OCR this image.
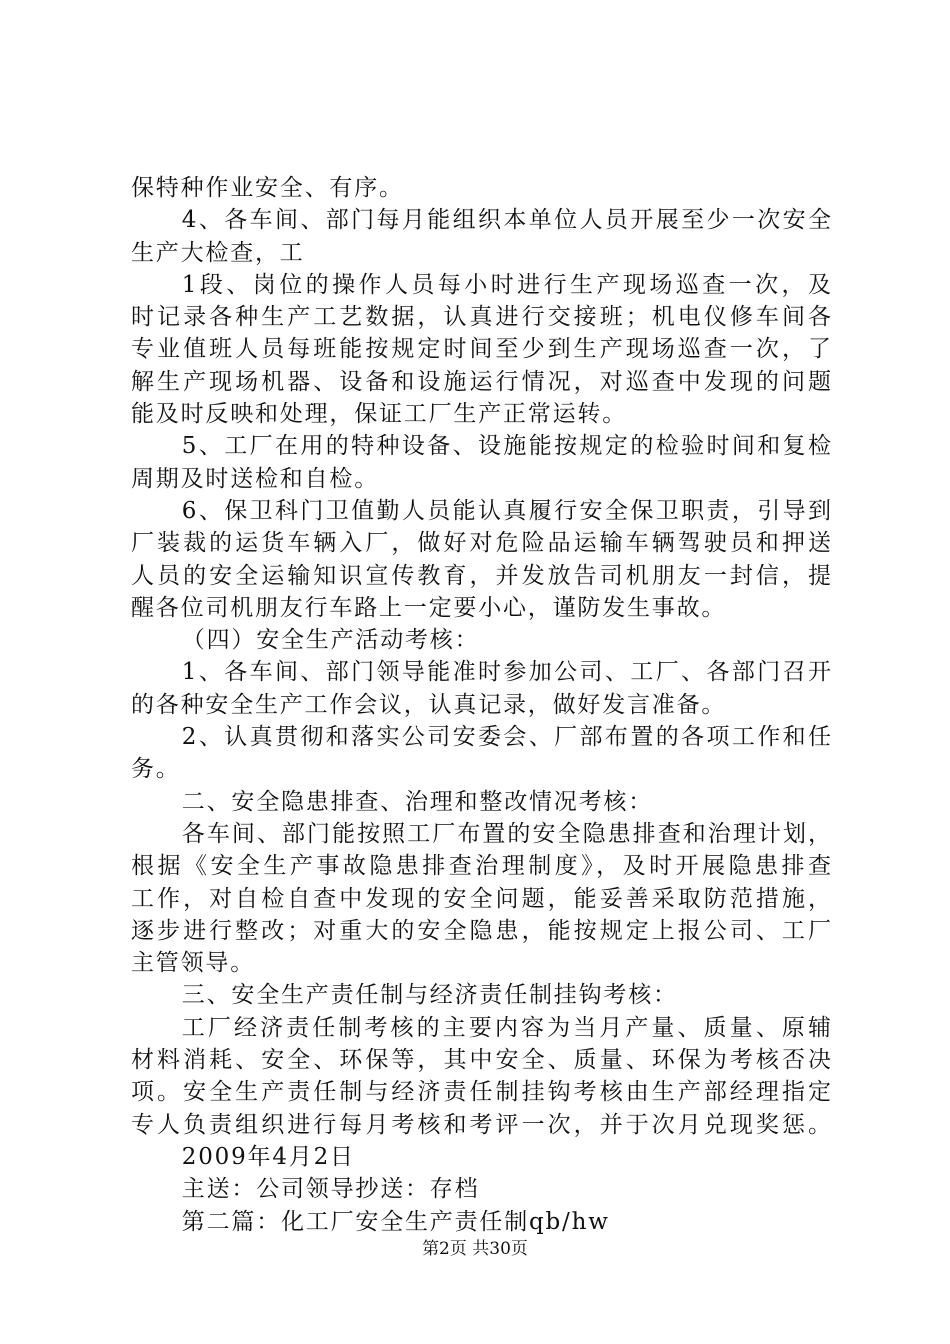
保特种作业安全、有序。
4、各车间、部门每月能组织本单位人员开展至少一次安全
生产大检查，工
1段、岗位的操作人员每小时进行生产现场巡查一次，及
时记录各种生产工艺数据，认真进行交接班；机电仪修车间各
专业值班人员每班能按规定时间至少到生产现场巡查一次，了
解生产现场机器、设备和设施运行情况，对巡查中发现的问题
能及时反映和处理，保证工厂生产正常运转。
5、工厂在用的特种设备、设施能按规定的检验时间和复检
周期及时送检和自检。
6、保卫科门卫值勤人员能认真履行安全保卫职责，引导到
厂装裁的运货车辆入厂，做好对危险品运输车辆驾驶员和押送
人员的安全运输知识宣传教育，并发放告司机朋友一封信，提
醒各位司机朋友行车路上一定要小心，谨防发生事故。
（四）安全生产活动考核：
1、各车间、部门领导能准时参加公司、工厂、各部门召开
的各种安全生产工作会议，认真记录，做好发言准备。
2、认真贯彻和落实公司安委会、厂部布置的各项工作和任
务。
二、安全隐患排查、治理和整改情况考核：
各车间、部门能按照工厂布置的安全隐患排查和治理计划，
根据《安全生产事故隐患排查治理制度》，及时开展隐患排查
工作，对自检自查中发现的安全问题，能妥善采取防范措施，
逐步进行整改；对重大的安全隐患，能按规定上报公司、工厂
主管领导。
三、安全生产责任制与经济责任制挂钩考核：
工厂经济责任制考核的主要内容为当月产量、质量、原辅
材料消耗、安全、环保等，其中安全、质量、环保为考核否决
项。安全生产责任制与经济责任制挂钩考核由生产部经理指定
专人负责组织进行每月考核和考评一次，并于次月兑现奖惩。
2009年4月2日
主送：公司领导抄送：存档
第二篇：化工厂安全生产责任制qb/hw
第2页 共30页
